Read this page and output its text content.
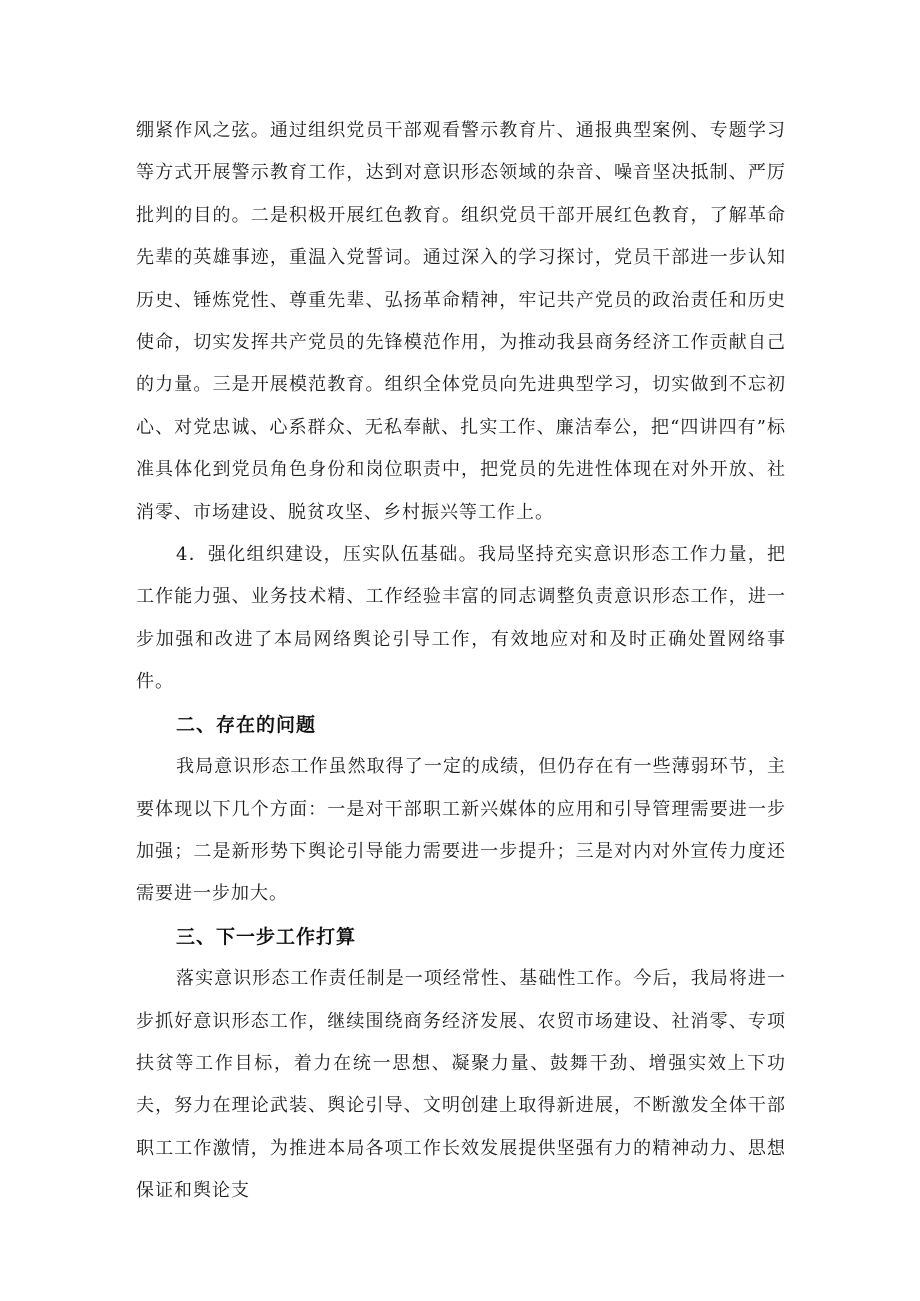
绷紧作风之弦。通过组织党员干部观看警示教育片、通报典型案例、专题学习等方式开展警示教育工作，达到对意识形态领域的杂音、噪音坚决抵制、严厉批判的目的。二是积极开展红色教育。组织党员干部开展红色教育，了解革命先辈的英雄事迹，重温入党誓词。通过深入的学习探讨，党员干部进一步认知历史、锤炼党性、尊重先辈、弘扬革命精神，牢记共产党员的政治责任和历史使命，切实发挥共产党员的先锋模范作用，为推动我县商务经济工作贡献自己的力量。三是开展模范教育。组织全体党员向先进典型学习，切实做到不忘初心、对党忠诚、心系群众、无私奉献、扎实工作、廉洁奉公，把“四讲四有”标准具体化到党员角色身份和岗位职责中，把党员的先进性体现在对外开放、社消零、市场建设、脱贫攻坚、乡村振兴等工作上。

4．强化组织建设，压实队伍基础。我局坚持充实意识形态工作力量，把工作能力强、业务技术精、工作经验丰富的同志调整负责意识形态工作，进一步加强和改进了本局网络舆论引导工作，有效地应对和及时正确处置网络事件。

二、存在的问题

我局意识形态工作虽然取得了一定的成绩，但仍存在有一些薄弱环节，主要体现以下几个方面：一是对干部职工新兴媒体的应用和引导管理需要进一步加强；二是新形势下舆论引导能力需要进一步提升；三是对内对外宣传力度还需要进一步加大。

三、下一步工作打算

落实意识形态工作责任制是一项经常性、基础性工作。今后，我局将进一步抓好意识形态工作，继续围绕商务经济发展、农贸市场建设、社消零、专项扶贫等工作目标，着力在统一思想、凝聚力量、鼓舞干劲、增强实效上下功夫，努力在理论武装、舆论引导、文明创建上取得新进展，不断激发全体干部职工工作激情，为推进本局各项工作长效发展提供坚强有力的精神动力、思想保证和舆论支
